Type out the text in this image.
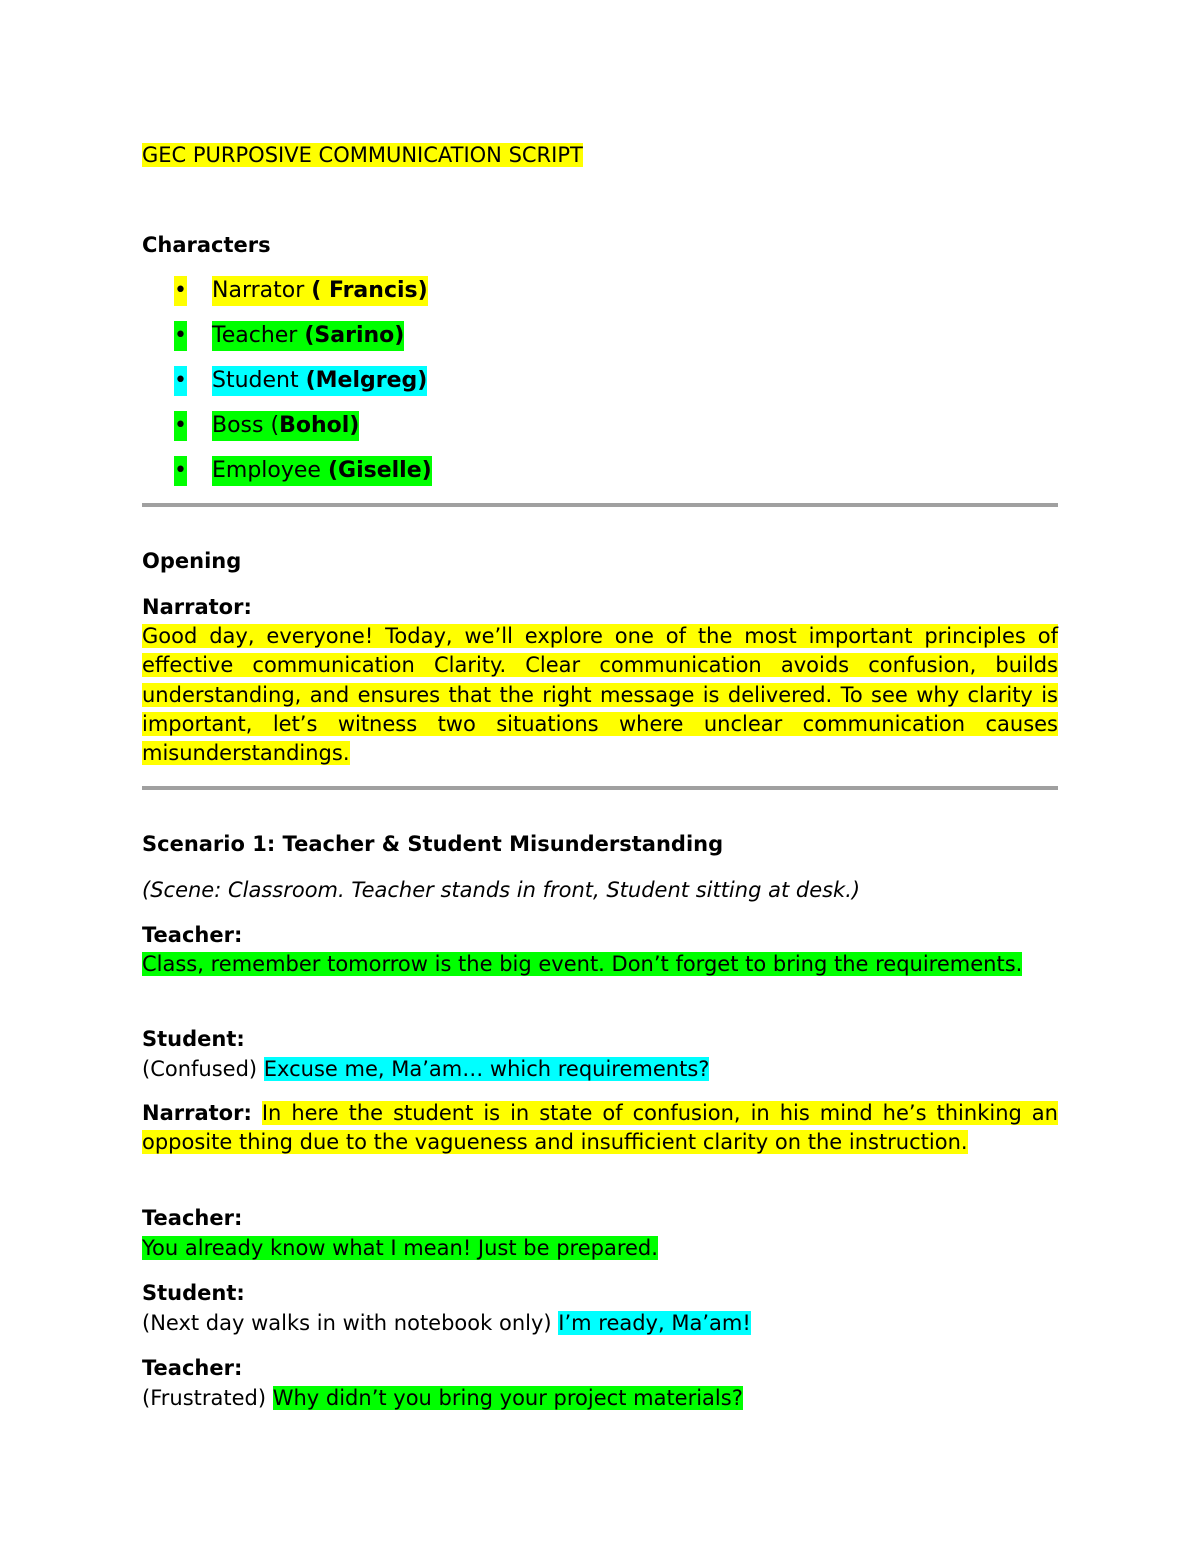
GEC PURPOSIVE COMMUNICATION SCRIPT
Characters
• Narrator ( Francis)
• Teacher (Sarino)
• Student (Melgreg)
• Boss (Bohol)
• Employee (Giselle)
Opening
Narrator:
Good day, everyone! Today, we’ll explore one of the most important principles of effective communication Clarity. Clear communication avoids confusion, builds understanding, and ensures that the right message is delivered. To see why clarity is important, let’s witness two situations where unclear communication causes misunderstandings.
Scenario 1: Teacher & Student Misunderstanding
(Scene: Classroom. Teacher stands in front, Student sitting at desk.)
Teacher:
Class, remember tomorrow is the big event. Don’t forget to bring the requirements.
Student:
(Confused) Excuse me, Ma’am… which requirements?
Narrator: In here the student is in state of confusion, in his mind he’s thinking an opposite thing due to the vagueness and insufficient clarity on the instruction.
Teacher:
You already know what I mean! Just be prepared.
Student:
(Next day walks in with notebook only) I’m ready, Ma’am!
Teacher:
(Frustrated) Why didn’t you bring your project materials?
